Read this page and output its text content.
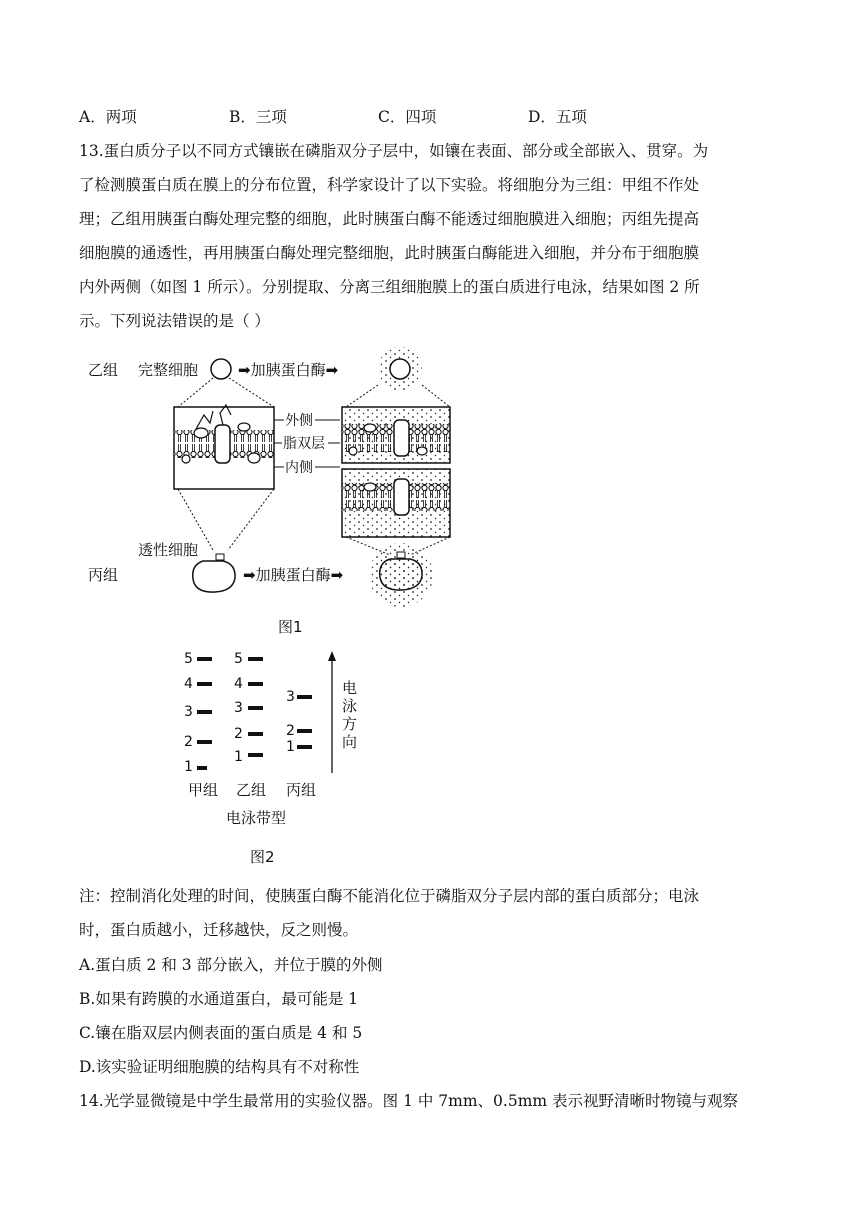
A．两项	B．三项	C．四项	D．五项
13.蛋白质分子以不同方式镶嵌在磷脂双分子层中，如镶在表面、部分或全部嵌入、贯穿。为
了检测膜蛋白质在膜上的分布位置，科学家设计了以下实验。将细胞分为三组：甲组不作处
理；乙组用胰蛋白酶处理完整的细胞，此时胰蛋白酶不能透过细胞膜进入细胞；丙组先提高
细胞膜的通透性，再用胰蛋白酶处理完整细胞，此时胰蛋白酶能进入细胞，并分布于细胞膜
内外两侧（如图 1 所示）。分别提取、分离三组细胞膜上的蛋白质进行电泳，结果如图 2 所
示。下列说法错误的是（ ）
乙组 完整细胞	➡加胰蛋白酶➡
外侧
脂双层
内侧
透性细胞
丙组	➡加胰蛋白酶➡
图1
5
4
3
2
1
甲组
5
4
3
2
1
乙组
3
2
1
丙组
电
泳
方
向
电泳带型
图2
注：控制消化处理的时间，使胰蛋白酶不能消化位于磷脂双分子层内部的蛋白质部分；电泳
时，蛋白质越小，迁移越快，反之则慢。
A.蛋白质 2 和 3 部分嵌入，并位于膜的外侧
B.如果有跨膜的水通道蛋白，最可能是 1
C.镶在脂双层内侧表面的蛋白质是 4 和 5
D.该实验证明细胞膜的结构具有不对称性
14.光学显微镜是中学生最常用的实验仪器。图 1 中 7mm、0.5mm 表示视野清晰时物镜与观察
